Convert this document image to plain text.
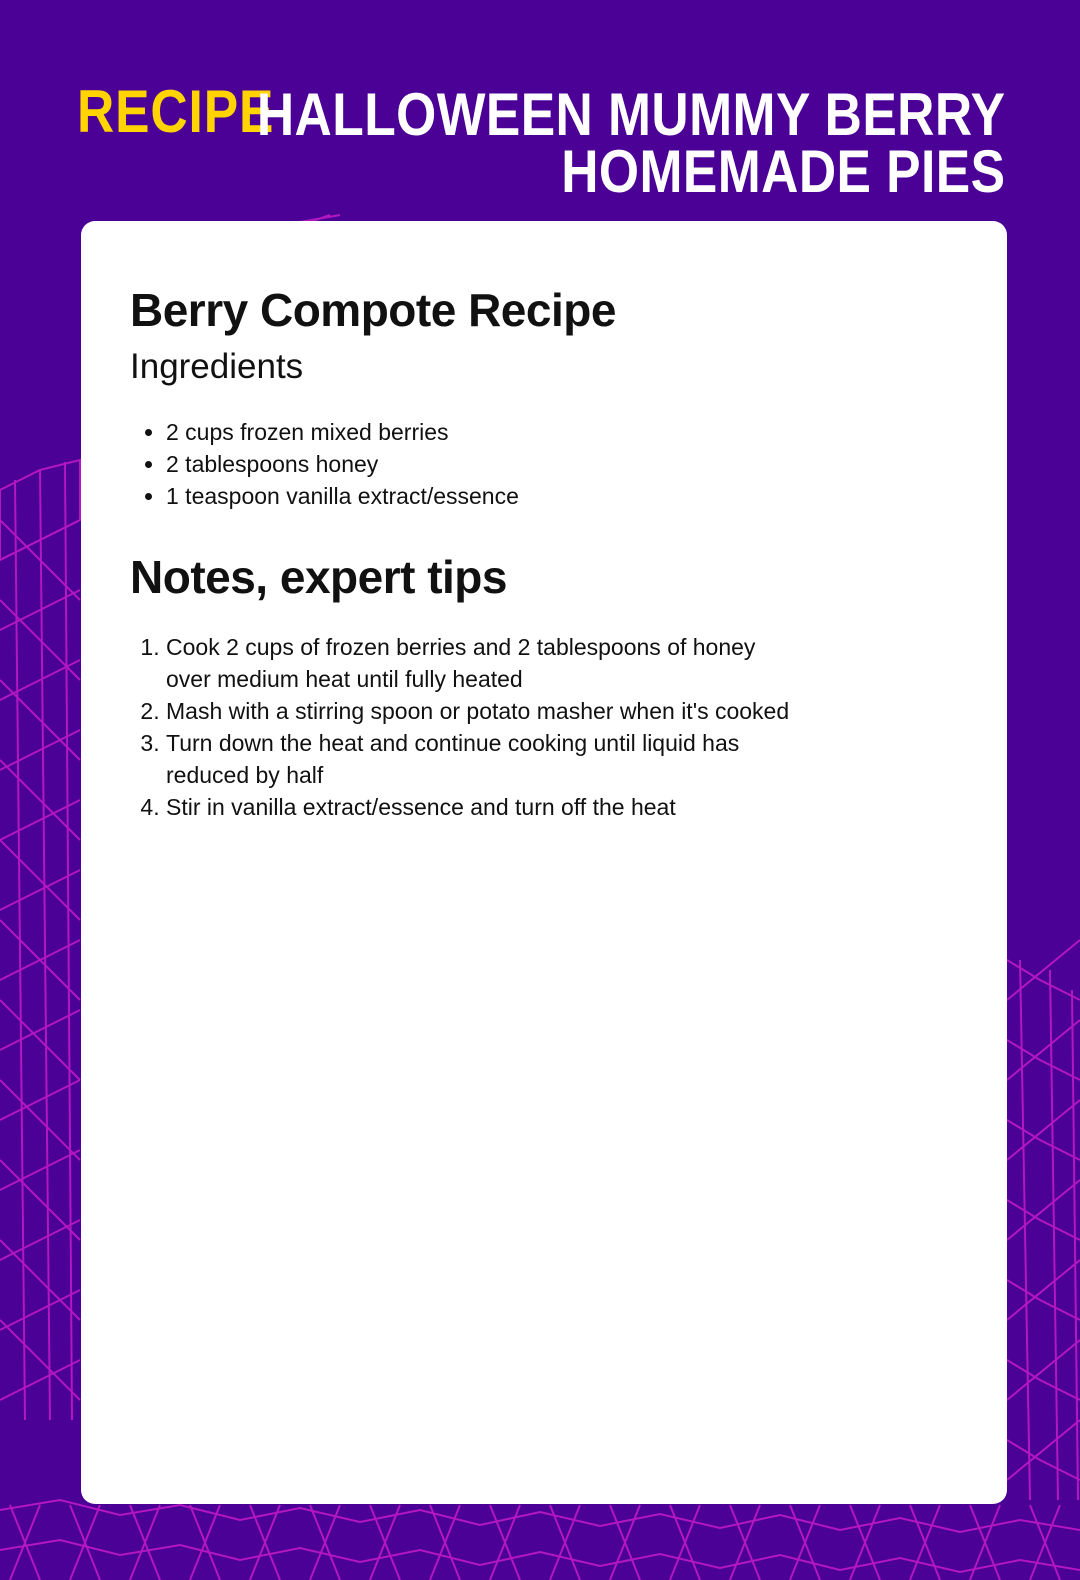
RECIPE
HALLOWEEN MUMMY BERRY
HOMEMADE PIES
Berry Compote Recipe
Ingredients
• 2 cups frozen mixed berries
• 2 tablespoons honey
• 1 teaspoon vanilla extract/essence
Notes, expert tips
1. Cook 2 cups of frozen berries and 2 tablespoons of honey over medium heat until fully heated
2. Mash with a stirring spoon or potato masher when it's cooked
3. Turn down the heat and continue cooking until liquid has reduced by half
4. Stir in vanilla extract/essence and turn off the heat
